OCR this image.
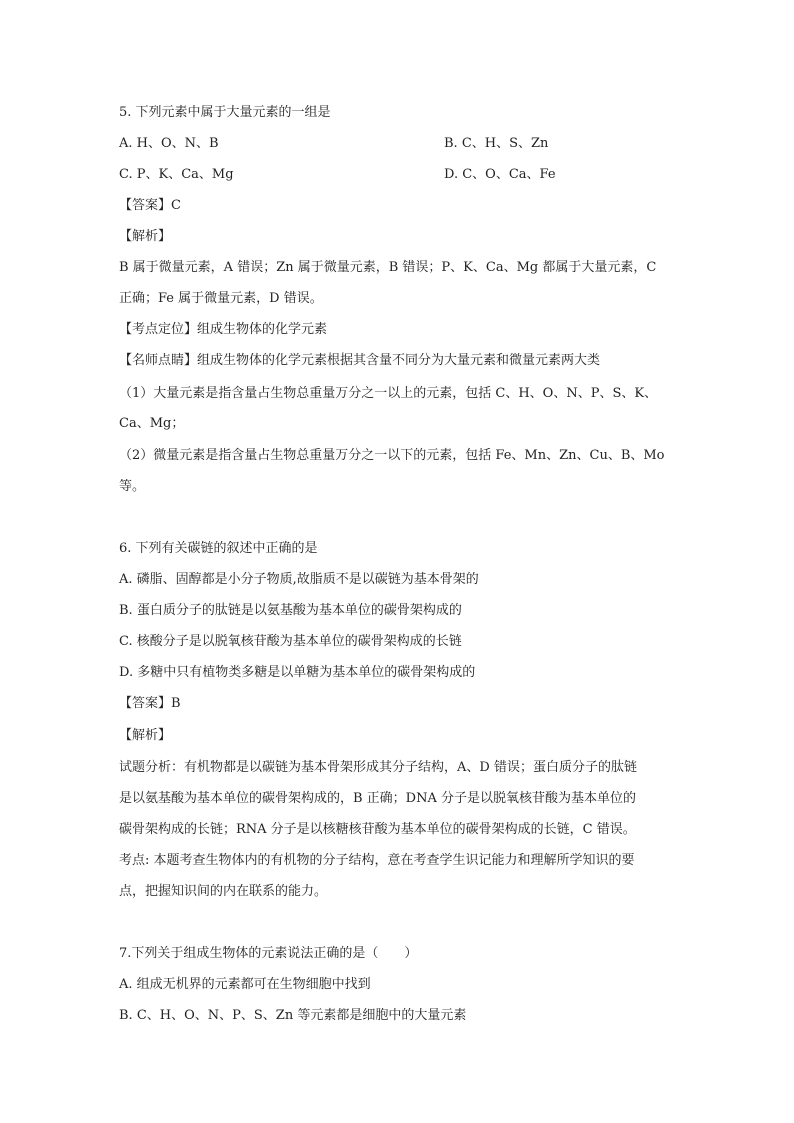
5. 下列元素中属于大量元素的一组是
A. H、O、N、B	B. C、H、S、Zn
C. P、K、Ca、Mg	D. C、O、Ca、Fe
【答案】C
【解析】
B 属于微量元素，A 错误；Zn 属于微量元素，B 错误；P、K、Ca、Mg 都属于大量元素，C
正确；Fe 属于微量元素，D 错误。
【考点定位】组成生物体的化学元素
【名师点睛】组成生物体的化学元素根据其含量不同分为大量元素和微量元素两大类
（1）大量元素是指含量占生物总重量万分之一以上的元素，包括 C、H、O、N、P、S、K、
Ca、Mg；
（2）微量元素是指含量占生物总重量万分之一以下的元素，包括 Fe、Mn、Zn、Cu、B、Mo
等。
6. 下列有关碳链的叙述中正确的是
A. 磷脂、固醇都是小分子物质,故脂质不是以碳链为基本骨架的
B. 蛋白质分子的肽链是以氨基酸为基本单位的碳骨架构成的
C. 核酸分子是以脱氧核苷酸为基本单位的碳骨架构成的长链
D. 多糖中只有植物类多糖是以单糖为基本单位的碳骨架构成的
【答案】B
【解析】
试题分析：有机物都是以碳链为基本骨架形成其分子结构，A、D 错误；蛋白质分子的肽链
是以氨基酸为基本单位的碳骨架构成的，B 正确；DNA 分子是以脱氧核苷酸为基本单位的
碳骨架构成的长链；RNA 分子是以核糖核苷酸为基本单位的碳骨架构成的长链，C 错误。
考点: 本题考查生物体内的有机物的分子结构，意在考查学生识记能力和理解所学知识的要
点，把握知识间的内在联系的能力。
7.下列关于组成生物体的元素说法正确的是（　　）
A. 组成无机界的元素都可在生物细胞中找到
B. C、H、O、N、P、S、Zn 等元素都是细胞中的大量元素
